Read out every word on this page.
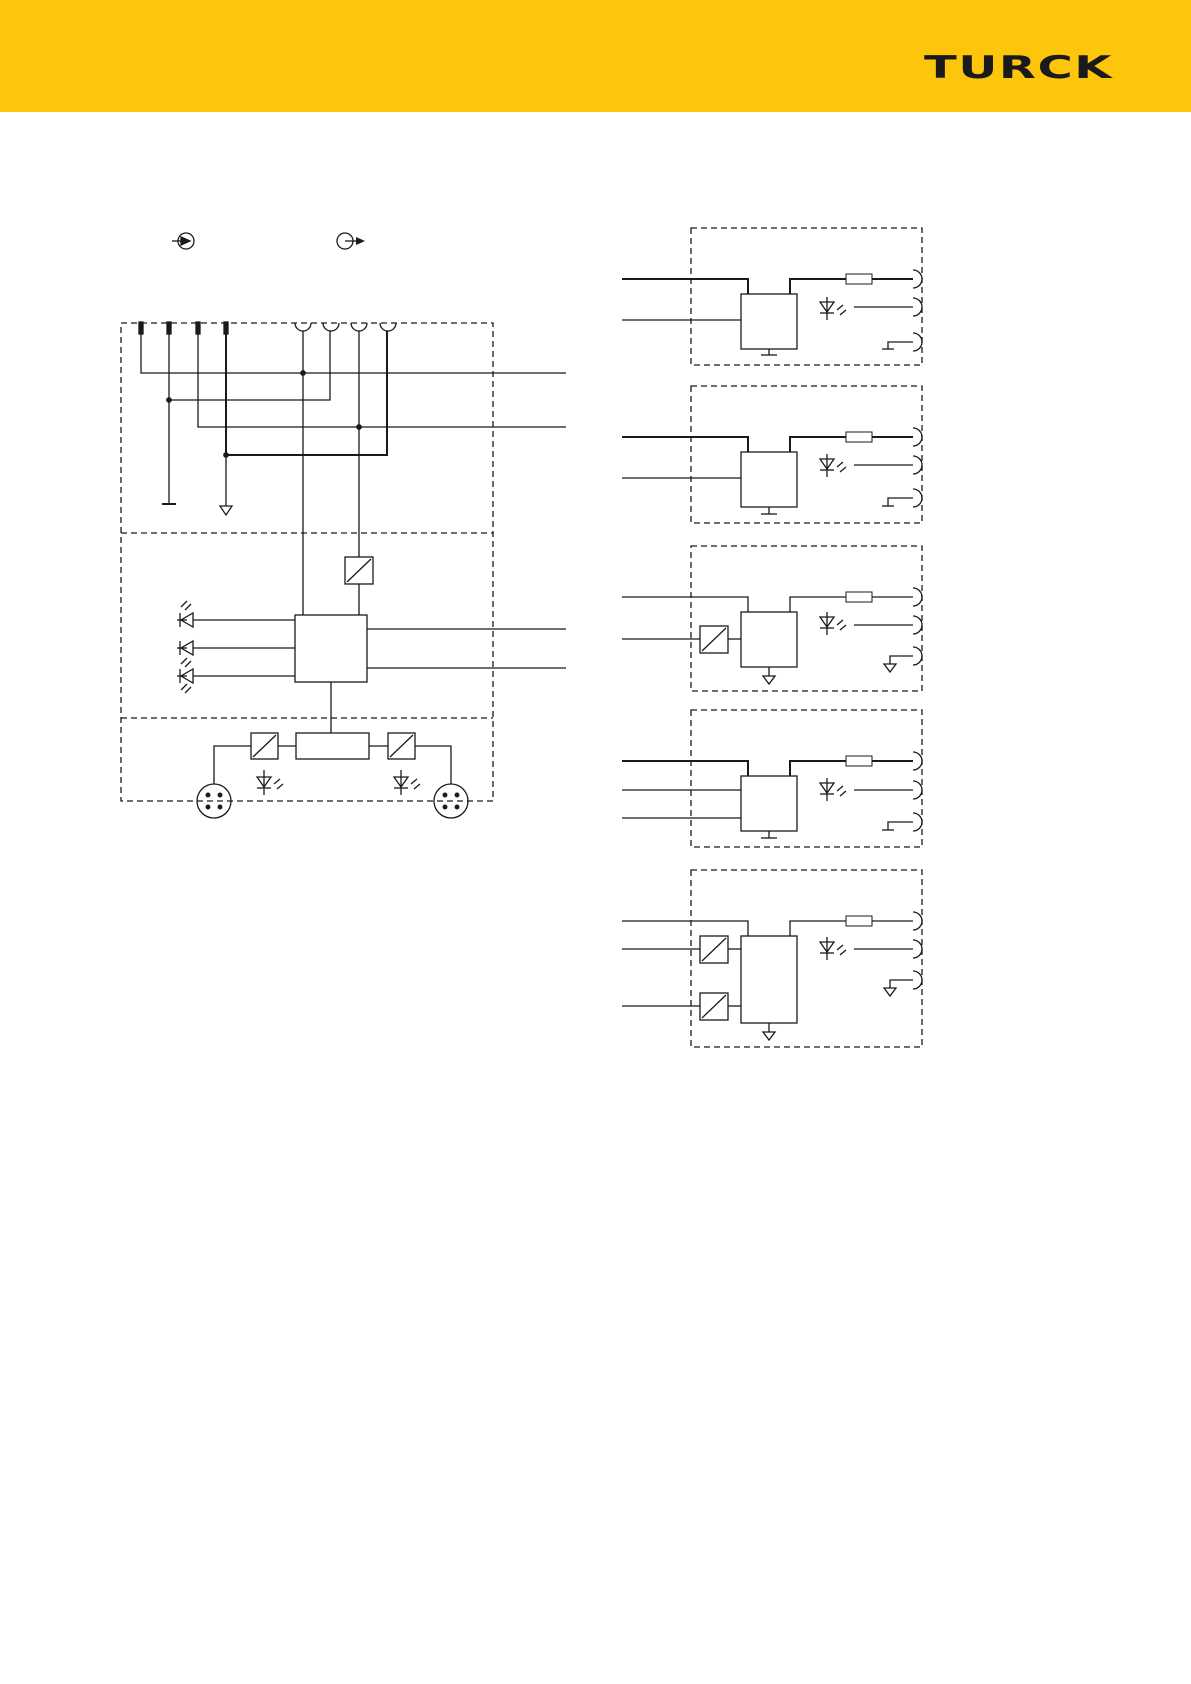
TURCK
